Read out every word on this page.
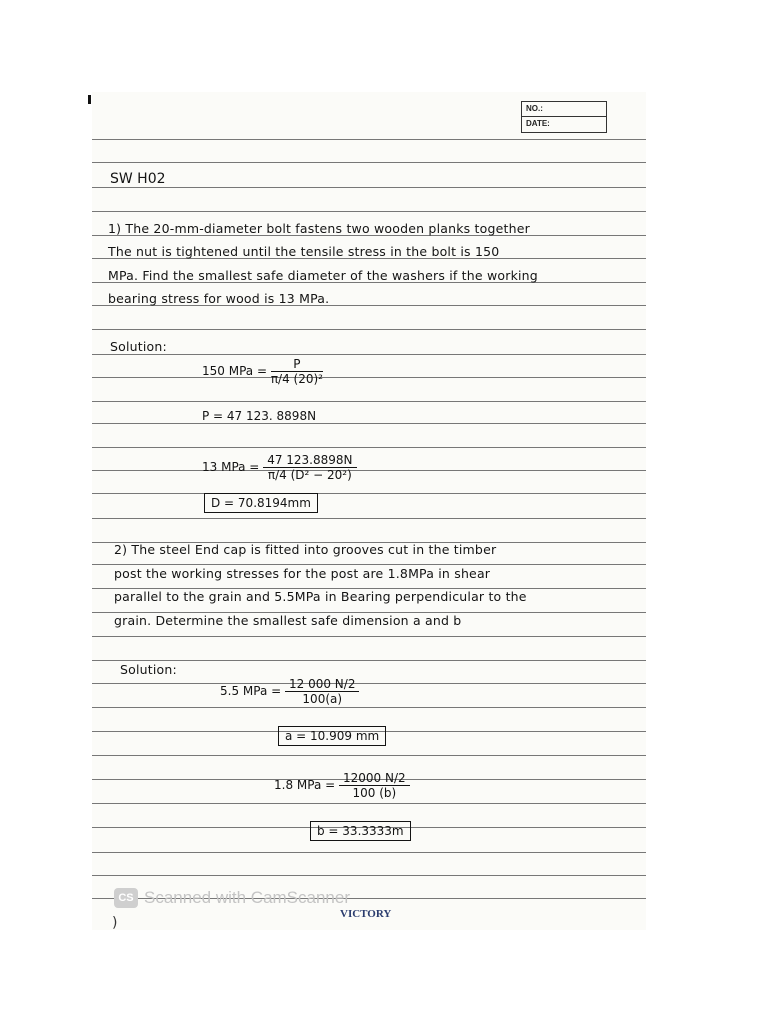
NO.:
DATE:
SW H02
1) The 20-mm-diameter bolt fastens two wooden planks together
The nut is tightened until the tensile stress in the bolt is 150
MPa. Find the smallest safe diameter of the washers if the working
bearing stress for wood is 13 MPa.
Solution:
150 MPa = $\frac{P}{\text{π/4 (20)²}}$
P = 47 123. 8898N
13 MPa = $\frac{47 123.8898N}{\text{π/4 (D² − 20²)}}$
D = 70.8194mm
2) The steel End cap is fitted into grooves cut in the timber
post the working stresses for the post are 1.8MPa in shear
parallel to the grain and 5.5MPa in Bearing perpendicular to the
grain. Determine the smallest safe dimension a and b
Solution:
5.5 MPa = $\frac{12 000 N/2}{100(a)}$
a = 10.909 mm
1.8 MPa = $\frac{12000 N/2}{100 (b)}$
b = 33.3333m
)
CS Scanned with CamScanner
VICTORY
